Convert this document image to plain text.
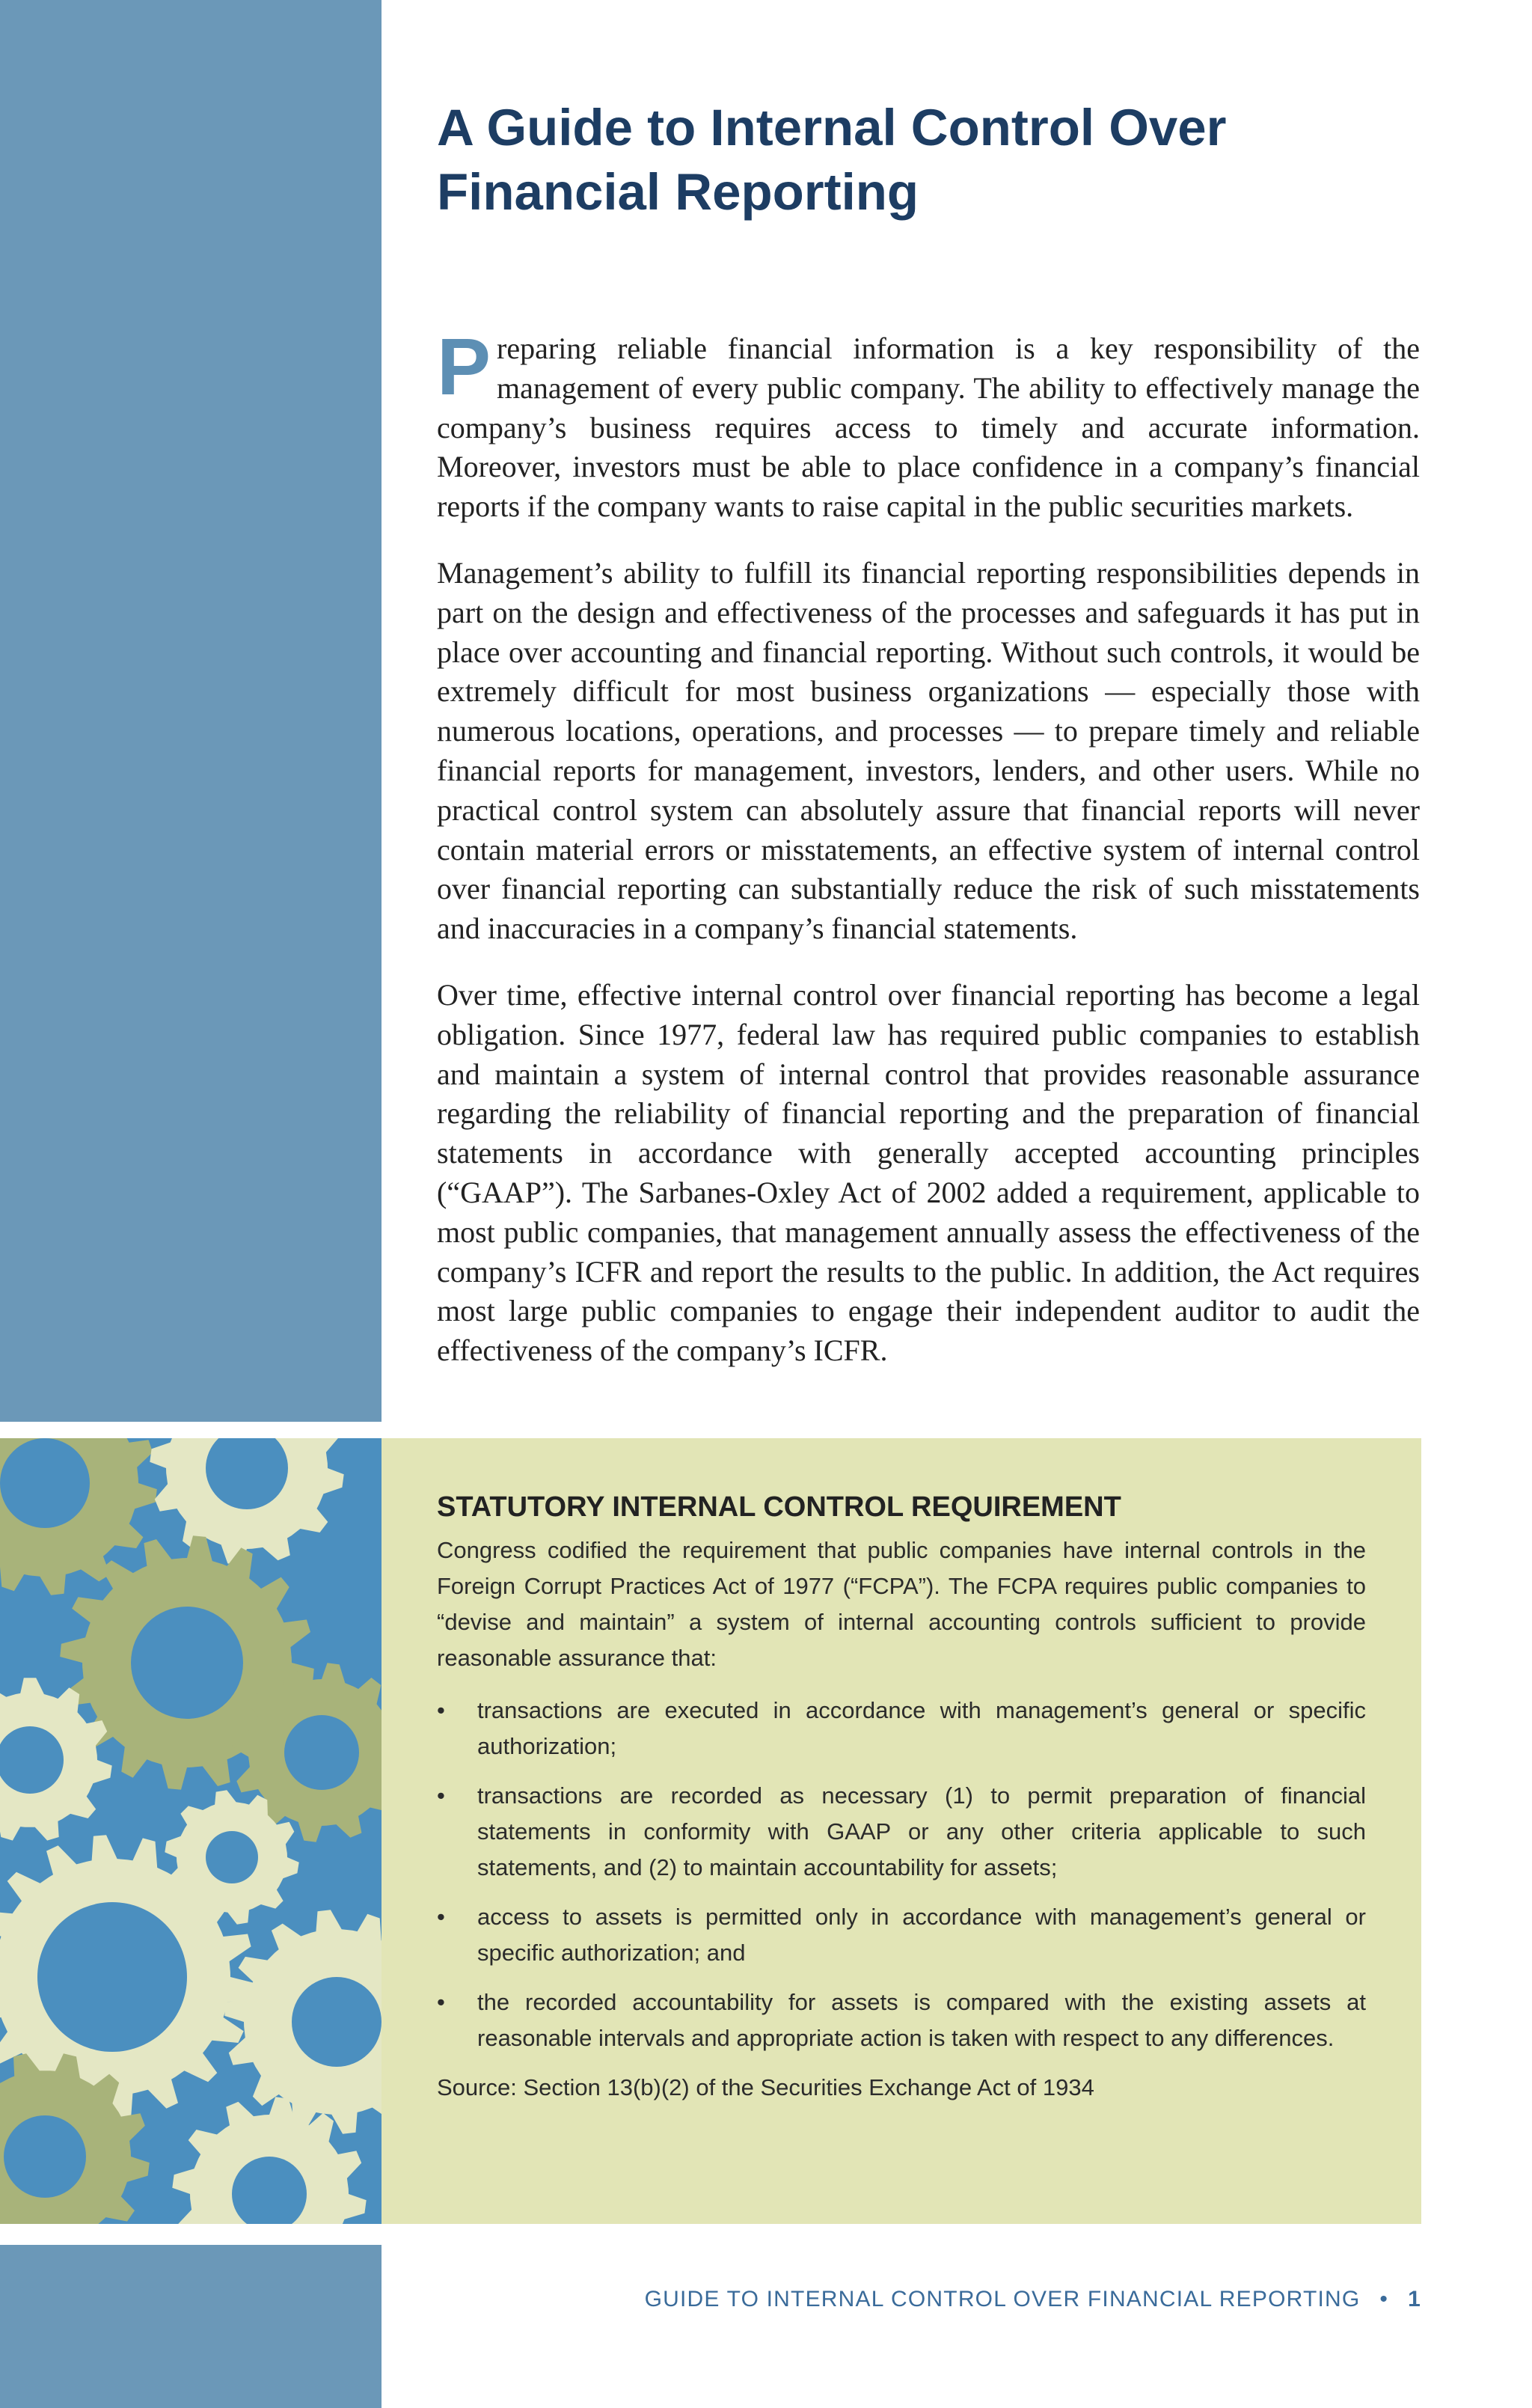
A Guide to Internal Control Over Financial Reporting

Preparing reliable financial information is a key responsibility of the management of every public company. The ability to effectively manage the company’s business requires access to timely and accurate information. Moreover, investors must be able to place confidence in a company’s financial reports if the company wants to raise capital in the public securities markets.

Management’s ability to fulfill its financial reporting responsibilities depends in part on the design and effectiveness of the processes and safeguards it has put in place over accounting and financial reporting. Without such controls, it would be extremely difficult for most business organizations — especially those with numerous locations, operations, and processes — to prepare timely and reliable financial reports for management, investors, lenders, and other users. While no practical control system can absolutely assure that financial reports will never contain material errors or misstatements, an effective system of internal control over financial reporting can substantially reduce the risk of such misstatements and inaccuracies in a company’s financial statements.

Over time, effective internal control over financial reporting has become a legal obligation. Since 1977, federal law has required public companies to establish and maintain a system of internal control that provides reasonable assurance regarding the reliability of financial reporting and the preparation of financial statements in accordance with generally accepted accounting principles (“GAAP”). The Sarbanes-Oxley Act of 2002 added a requirement, applicable to most public companies, that management annually assess the effectiveness of the company’s ICFR and report the results to the public. In addition, the Act requires most large public companies to engage their independent auditor to audit the effectiveness of the company’s ICFR.

STATUTORY INTERNAL CONTROL REQUIREMENT

Congress codified the requirement that public companies have internal controls in the Foreign Corrupt Practices Act of 1977 (“FCPA”). The FCPA requires public companies to “devise and maintain” a system of internal accounting controls sufficient to provide reasonable assurance that:

• transactions are executed in accordance with management’s general or specific authorization;
• transactions are recorded as necessary (1) to permit preparation of financial statements in conformity with GAAP or any other criteria applicable to such statements, and (2) to maintain accountability for assets;
• access to assets is permitted only in accordance with management’s general or specific authorization; and
• the recorded accountability for assets is compared with the existing assets at reasonable intervals and appropriate action is taken with respect to any differences.

Source: Section 13(b)(2) of the Securities Exchange Act of 1934

GUIDE TO INTERNAL CONTROL OVER FINANCIAL REPORTING • 1
